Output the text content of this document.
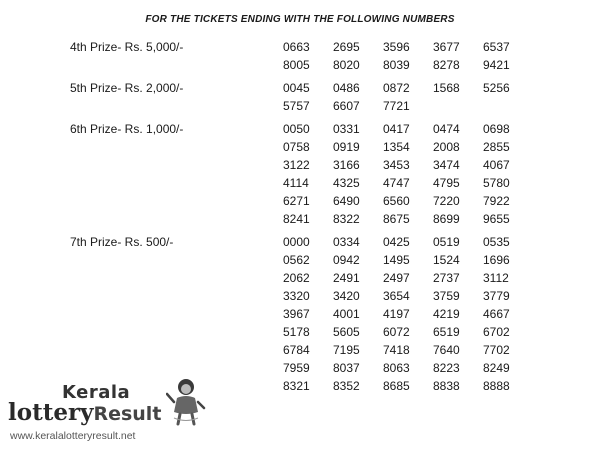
FOR THE TICKETS ENDING WITH THE FOLLOWING NUMBERS
4th Prize- Rs. 5,000/-	0663	2695	3596	3677	6537
8005	8020	8039	8278	9421
5th Prize- Rs. 2,000/-	0045	0486	0872	1568	5256
5757	6607	7721
6th Prize- Rs. 1,000/-	0050	0331	0417	0474	0698
0758	0919	1354	2008	2855
3122	3166	3453	3474	4067
4114	4325	4747	4795	5780
6271	6490	6560	7220	7922
8241	8322	8675	8699	9655
7th Prize- Rs. 500/-	0000	0334	0425	0519	0535
0562	0942	1495	1524	1696
2062	2491	2497	2737	3112
3320	3420	3654	3759	3779
3967	4001	4197	4219	4667
5178	5605	6072	6519	6702
6784	7195	7418	7640	7702
7959	8037	8063	8223	8249
8321	8352	8685	8838	8888
Kerala
lotteryResult
www.keralalotteryresult.net
